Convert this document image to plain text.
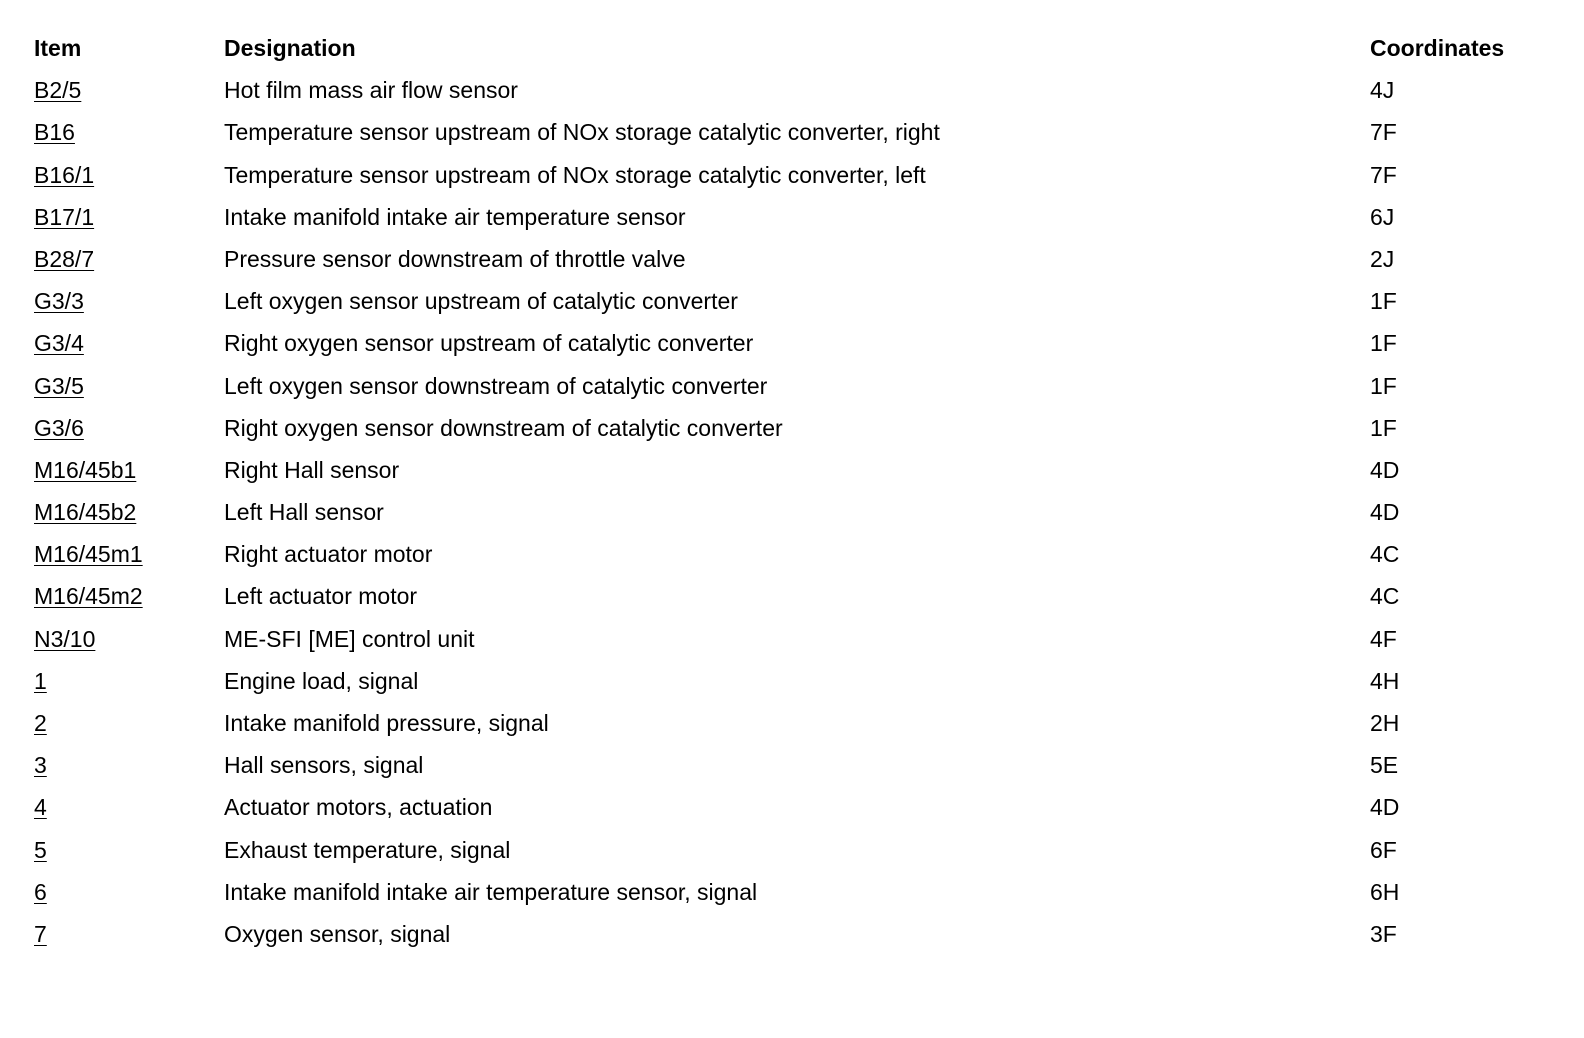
Item	Designation	Coordinates
B2/5	Hot film mass air flow sensor	4J
B16	Temperature sensor upstream of NOx storage catalytic converter, right	7F
B16/1	Temperature sensor upstream of NOx storage catalytic converter, left	7F
B17/1	Intake manifold intake air temperature sensor	6J
B28/7	Pressure sensor downstream of throttle valve	2J
G3/3	Left oxygen sensor upstream of catalytic converter	1F
G3/4	Right oxygen sensor upstream of catalytic converter	1F
G3/5	Left oxygen sensor downstream of catalytic converter	1F
G3/6	Right oxygen sensor downstream of catalytic converter	1F
M16/45b1	Right Hall sensor	4D
M16/45b2	Left Hall sensor	4D
M16/45m1	Right actuator motor	4C
M16/45m2	Left actuator motor	4C
N3/10	ME-SFI [ME] control unit	4F
1	Engine load, signal	4H
2	Intake manifold pressure, signal	2H
3	Hall sensors, signal	5E
4	Actuator motors, actuation	4D
5	Exhaust temperature, signal	6F
6	Intake manifold intake air temperature sensor, signal	6H
7	Oxygen sensor, signal	3F
